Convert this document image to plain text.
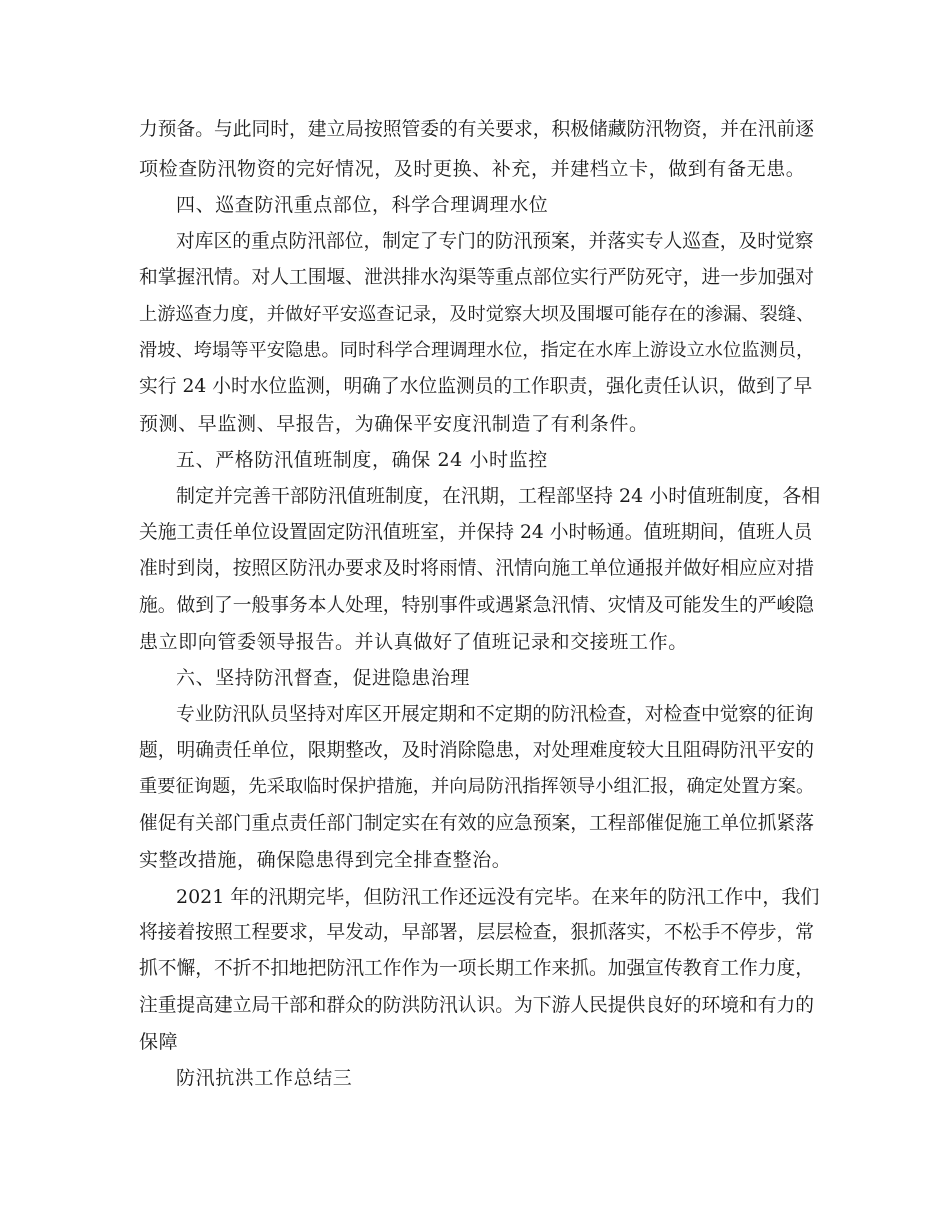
力预备。与此同时，建立局按照管委的有关要求，积极储藏防汛物资，并在汛前逐
项检查防汛物资的完好情况，及时更换、补充，并建档立卡，做到有备无患。
四、巡查防汛重点部位，科学合理调理水位
对库区的重点防汛部位，制定了专门的防汛预案，并落实专人巡查，及时觉察
和掌握汛情。对人工围堰、泄洪排水沟渠等重点部位实行严防死守，进一步加强对
上游巡查力度，并做好平安巡查记录，及时觉察大坝及围堰可能存在的渗漏、裂缝、
滑坡、垮塌等平安隐患。同时科学合理调理水位，指定在水库上游设立水位监测员，
实行 24 小时水位监测，明确了水位监测员的工作职责，强化责任认识，做到了早
预测、早监测、早报告，为确保平安度汛制造了有利条件。
五、严格防汛值班制度，确保 24 小时监控
制定并完善干部防汛值班制度，在汛期，工程部坚持 24 小时值班制度，各相
关施工责任单位设置固定防汛值班室，并保持 24 小时畅通。值班期间，值班人员
准时到岗，按照区防汛办要求及时将雨情、汛情向施工单位通报并做好相应应对措
施。做到了一般事务本人处理，特别事件或遇紧急汛情、灾情及可能发生的严峻隐
患立即向管委领导报告。并认真做好了值班记录和交接班工作。
六、坚持防汛督查，促进隐患治理
专业防汛队员坚持对库区开展定期和不定期的防汛检查，对检查中觉察的征询
题，明确责任单位，限期整改，及时消除隐患，对处理难度较大且阻碍防汛平安的
重要征询题，先采取临时保护措施，并向局防汛指挥领导小组汇报，确定处置方案。
催促有关部门重点责任部门制定实在有效的应急预案，工程部催促施工单位抓紧落
实整改措施，确保隐患得到完全排查整治。
2021 年的汛期完毕，但防汛工作还远没有完毕。在来年的防汛工作中，我们
将接着按照工程要求，早发动，早部署，层层检查，狠抓落实，不松手不停步，常
抓不懈，不折不扣地把防汛工作作为一项长期工作来抓。加强宣传教育工作力度，
注重提高建立局干部和群众的防洪防汛认识。为下游人民提供良好的环境和有力的
保障
防汛抗洪工作总结三
